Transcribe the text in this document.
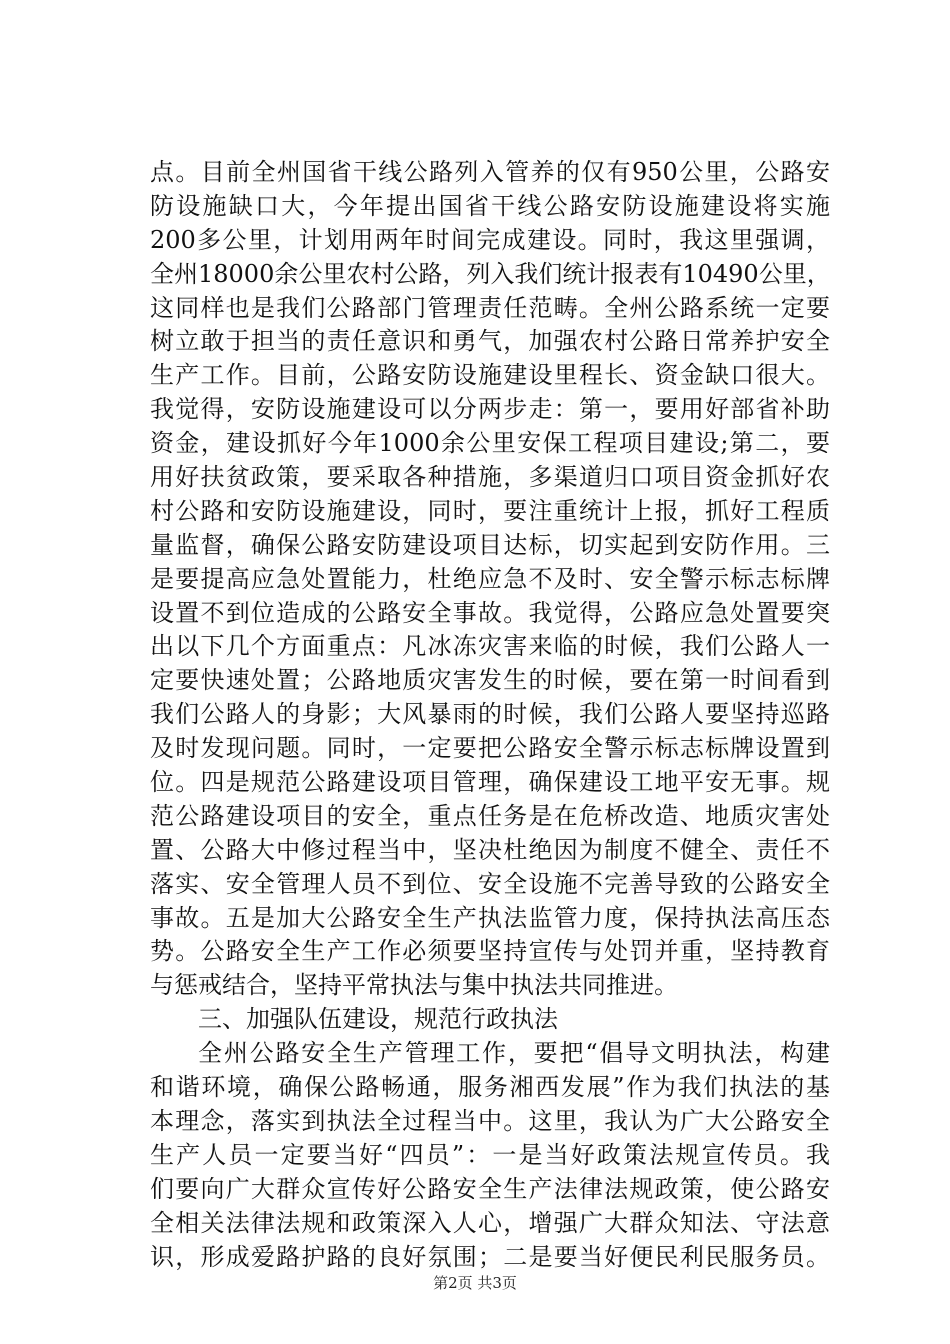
点。目前全州国省干线公路列入管养的仅有950公里，公路安
防设施缺口大，今年提出国省干线公路安防设施建设将实施
200多公里，计划用两年时间完成建设。同时，我这里强调，
全州18000余公里农村公路，列入我们统计报表有10490公里，
这同样也是我们公路部门管理责任范畴。全州公路系统一定要
树立敢于担当的责任意识和勇气，加强农村公路日常养护安全
生产工作。目前，公路安防设施建设里程长、资金缺口很大。
我觉得，安防设施建设可以分两步走：第一，要用好部省补助
资金，建设抓好今年1000余公里安保工程项目建设;第二，要
用好扶贫政策，要采取各种措施，多渠道归口项目资金抓好农
村公路和安防设施建设，同时，要注重统计上报，抓好工程质
量监督，确保公路安防建设项目达标，切实起到安防作用。三
是要提高应急处置能力，杜绝应急不及时、安全警示标志标牌
设置不到位造成的公路安全事故。我觉得，公路应急处置要突
出以下几个方面重点：凡冰冻灾害来临的时候，我们公路人一
定要快速处置；公路地质灾害发生的时候，要在第一时间看到
我们公路人的身影；大风暴雨的时候，我们公路人要坚持巡路
及时发现问题。同时，一定要把公路安全警示标志标牌设置到
位。四是规范公路建设项目管理，确保建设工地平安无事。规
范公路建设项目的安全，重点任务是在危桥改造、地质灾害处
置、公路大中修过程当中，坚决杜绝因为制度不健全、责任不
落实、安全管理人员不到位、安全设施不完善导致的公路安全
事故。五是加大公路安全生产执法监管力度，保持执法高压态
势。公路安全生产工作必须要坚持宣传与处罚并重，坚持教育
与惩戒结合，坚持平常执法与集中执法共同推进。
三、加强队伍建设，规范行政执法
全州公路安全生产管理工作，要把“倡导文明执法，构建
和谐环境，确保公路畅通，服务湘西发展”作为我们执法的基
本理念，落实到执法全过程当中。这里，我认为广大公路安全
生产人员一定要当好“四员”：一是当好政策法规宣传员。我
们要向广大群众宣传好公路安全生产法律法规政策，使公路安
全相关法律法规和政策深入人心，增强广大群众知法、守法意
识，形成爱路护路的良好氛围；二是要当好便民利民服务员。
第2页 共3页
